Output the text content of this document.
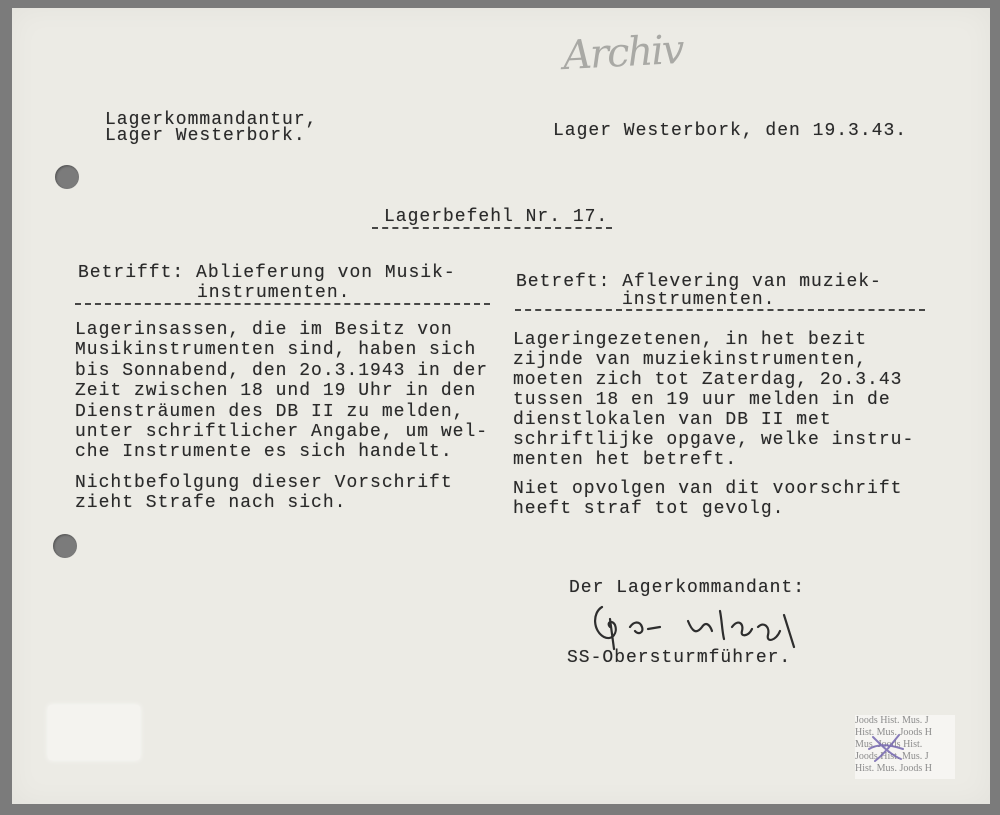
Archiv
Lagerkommandantur,
Lager Westerbork.	Lager Westerbork, den 19.3.43.
Lagerbefehl Nr. 17.
Betrifft: Ablieferung von Musik-
instrumenten.
Lagerinsassen, die im Besitz von
Musikinstrumenten sind, haben sich
bis Sonnabend, den 2o.3.1943 in der
Zeit zwischen 18 und 19 Uhr in den
Diensträumen des DB II zu melden,
unter schriftlicher Angabe, um wel-
che Instrumente es sich handelt.
Nichtbefolgung dieser Vorschrift
zieht Strafe nach sich.
Betreft: Aflevering van muziek-
instrumenten.
Lageringezetenen, in het bezit
zijnde van muziekinstrumenten,
moeten zich tot Zaterdag, 2o.3.43
tussen 18 en 19 uur melden in de
dienstlokalen van DB II met
schriftlijke opgave, welke instru-
menten het betreft.
Niet opvolgen van dit voorschrift
heeft straf tot gevolg.
Der Lagerkommandant:
SS-Obersturmführer.
Joods Hist. Mus. J
Hist. Mus. Joods H
Mus. Joods Hist.
Joods Hist. Mus. J
Hist. Mus. Joods H
